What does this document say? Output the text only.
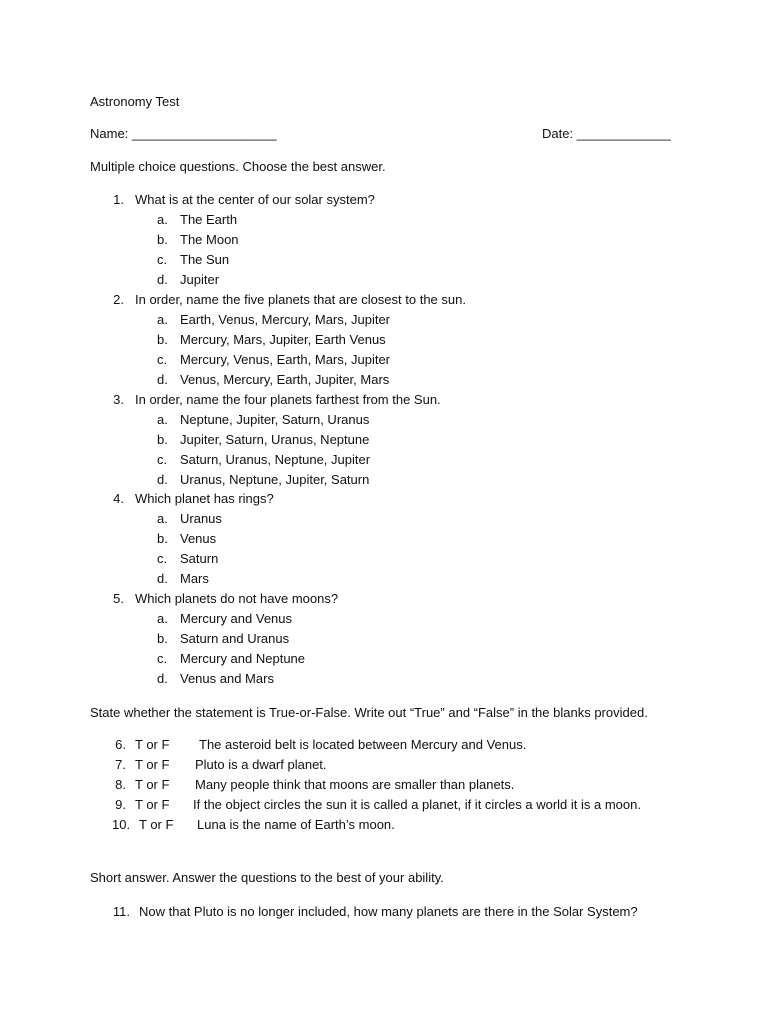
Astronomy Test
Name: ____________________	Date: _____________
Multiple choice questions. Choose the best answer.
1. What is at the center of our solar system?
a. The Earth
b. The Moon
c. The Sun
d. Jupiter
2. In order, name the five planets that are closest to the sun.
a. Earth, Venus, Mercury, Mars, Jupiter
b. Mercury, Mars, Jupiter, Earth Venus
c. Mercury, Venus, Earth, Mars, Jupiter
d. Venus, Mercury, Earth, Jupiter, Mars
3. In order, name the four planets farthest from the Sun.
a. Neptune, Jupiter, Saturn, Uranus
b. Jupiter, Saturn, Uranus, Neptune
c. Saturn, Uranus, Neptune, Jupiter
d. Uranus, Neptune, Jupiter, Saturn
4. Which planet has rings?
a. Uranus
b. Venus
c. Saturn
d. Mars
5. Which planets do not have moons?
a. Mercury and Venus
b. Saturn and Uranus
c. Mercury and Neptune
d. Venus and Mars
State whether the statement is True-or-False. Write out “True” and “False” in the blanks provided.
6. T or F The asteroid belt is located between Mercury and Venus.
7. T or F Pluto is a dwarf planet.
8. T or F Many people think that moons are smaller than planets.
9. T or F If the object circles the sun it is called a planet, if it circles a world it is a moon.
10. T or F Luna is the name of Earth’s moon.
Short answer. Answer the questions to the best of your ability.
11. Now that Pluto is no longer included, how many planets are there in the Solar System?
